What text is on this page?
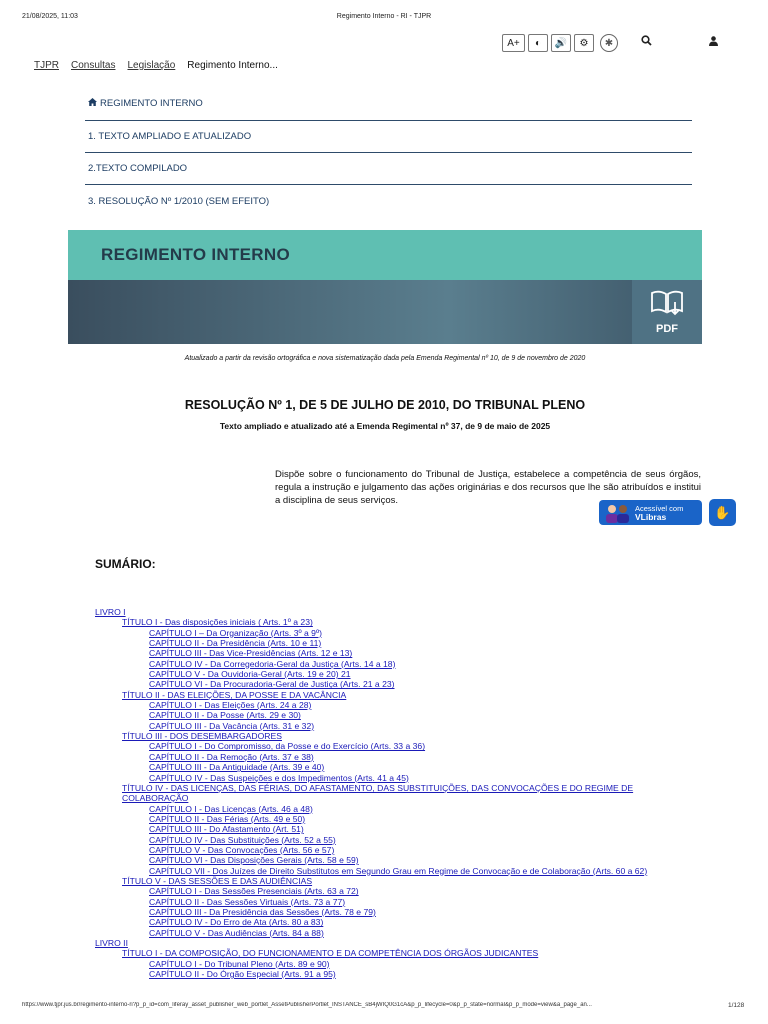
21/08/2025, 11:03	Regimento Interno - RI - TJPR
A+ ◐ 🔊 ⚙	✱
TJPR Consultas Legislação Regimento Interno...
REGIMENTO INTERNO
1. TEXTO AMPLIADO E ATUALIZADO
2.TEXTO COMPILADO
3. RESOLUÇÃO Nº 1/2010 (SEM EFEITO)
REGIMENTO INTERNO
PDF
Atualizado a partir da revisão ortográfica e nova sistematização dada pela Emenda Regimental nº 10, de 9 de novembro de 2020
RESOLUÇÃO Nº 1, DE 5 DE JULHO DE 2010, DO TRIBUNAL PLENO
Texto ampliado e atualizado até a Emenda Regimental nº 37, de 9 de maio de 2025
Dispõe sobre o funcionamento do Tribunal de Justiça, estabelece a competência de seus órgãos, regula a instrução e julgamento das ações originárias e dos recursos que lhe são atribuídos e institui a disciplina de seus serviços.
Acessível com
VLibras	✋
SUMÁRIO:
LIVRO I
TÍTULO I - Das disposições iniciais ( Arts. 1º a 23)
CAPÍTULO I – Da Organização (Arts. 3º a 9º)
CAPÍTULO II - Da Presidência (Arts. 10 e 11)
CAPÍTULO III - Das Vice-Presidências (Arts. 12 e 13)
CAPÍTULO IV - Da Corregedoria-Geral da Justiça (Arts. 14 a 18)
CAPÍTULO V - Da Ouvidoria-Geral (Arts. 19 e 20) 21
CAPÍTULO VI - Da Procuradoria-Geral de Justiça (Arts. 21 a 23)
TÍTULO II - DAS ELEIÇÕES, DA POSSE E DA VACÂNCIA
CAPÍTULO I - Das Eleições (Arts. 24 a 28)
CAPÍTULO II - Da Posse (Arts. 29 e 30)
CAPÍTULO III - Da Vacância (Arts. 31 e 32)
TÍTULO III - DOS DESEMBARGADORES
CAPÍTULO I - Do Compromisso, da Posse e do Exercício (Arts. 33 a 36)
CAPÍTULO II - Da Remoção (Arts. 37 e 38)
CAPÍTULO III - Da Antiguidade (Arts. 39 e 40)
CAPÍTULO IV - Das Suspeições e dos Impedimentos (Arts. 41 a 45)
TÍTULO IV - DAS LICENÇAS, DAS FÉRIAS, DO AFASTAMENTO, DAS SUBSTITUIÇÕES, DAS CONVOCAÇÕES E DO REGIME DE COLABORAÇÃO
CAPÍTULO I - Das Licenças (Arts. 46 a 48)
CAPÍTULO II - Das Férias (Arts. 49 e 50)
CAPÍTULO III - Do Afastamento (Art. 51)
CAPÍTULO IV - Das Substituições (Arts. 52 a 55)
CAPÍTULO V - Das Convocações (Arts. 56 e 57)
CAPÍTULO VI - Das Disposições Gerais (Arts. 58 e 59)
CAPÍTULO VII - Dos Juízes de Direito Substitutos em Segundo Grau em Regime de Convocação e de Colaboração (Arts. 60 a 62)
TÍTULO V - DAS SESSÕES E DAS AUDIÊNCIAS
CAPÍTULO I - Das Sessões Presenciais (Arts. 63 a 72)
CAPÍTULO II - Das Sessões Virtuais (Arts. 73 a 77)
CAPÍTULO III - Da Presidência das Sessões (Arts. 78 e 79)
CAPÍTULO IV - Do Erro de Ata (Arts. 80 a 83)
CAPÍTULO V - Das Audiências (Arts. 84 a 88)
LIVRO II
TÍTULO I - DA COMPOSIÇÃO, DO FUNCIONAMENTO E DA COMPETÊNCIA DOS ÓRGÃOS JUDICANTES
CAPÍTULO I - Do Tribunal Pleno (Arts. 89 e 90)
CAPÍTULO II - Do Órgão Especial (Arts. 91 a 95)
https://www.tjpr.jus.br/regimento-interno-ri?p_p_id=com_liferay_asset_publisher_web_portlet_AssetPublisherPortlet_INSTANCE_sB4jWIQ0G1cA&p_p_lifecycle=0&p_p_state=normal&p_p_mode=view&a_page_an...	1/128
